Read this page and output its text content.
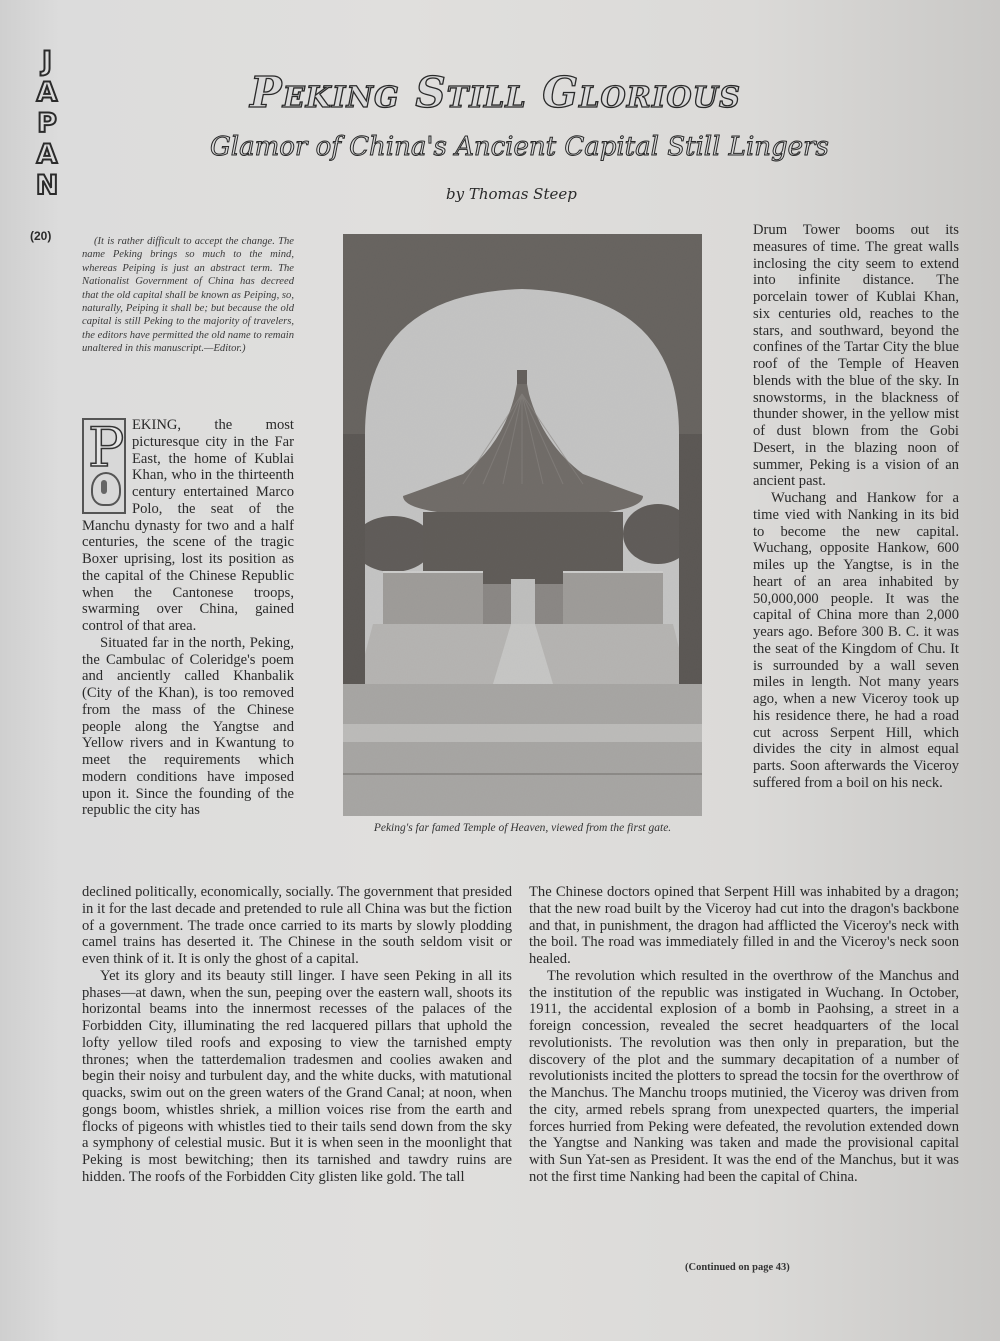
J
A
P
A
N
(20)
Peking Still Glorious
Glamor of China's Ancient Capital Still Lingers
by Thomas Steep
(It is rather difficult to accept the change. The name Peking brings so much to the mind, whereas Peiping is just an abstract term. The Nationalist Government of China has decreed that the old capital shall be known as Peiping, so, naturally, Peiping it shall be; but because the old capital is still Peking to the majority of travelers, the editors have permitted the old name to remain unaltered in this manuscript.—Editor.)

P EKING, the most picturesque city in the Far East, the home of Kublai Khan, who in the thirteenth century entertained Marco Polo, the seat of the Manchu dynasty for two and a half centuries, the scene of the tragic Boxer uprising, lost its position as the capital of the Chinese Republic when the Cantonese troops, swarming over China, gained control of that area.

Situated far in the north, Peking, the Cambulac of Coleridge's poem and anciently called Khanbalik (City of the Khan), is too removed from the mass of the Chinese people along the Yangtse and Yellow rivers and in Kwantung to meet the requirements which modern conditions have imposed upon it. Since the founding of the republic the city has

Peking's far famed Temple of Heaven, viewed from the first gate.

Drum Tower booms out its measures of time. The great walls inclosing the city seem to extend into infinite distance. The porcelain tower of Kublai Khan, six centuries old, reaches to the stars, and southward, beyond the confines of the Tartar City the blue roof of the Temple of Heaven blends with the blue of the sky. In snowstorms, in the blackness of thunder shower, in the yellow mist of dust blown from the Gobi Desert, in the blazing noon of summer, Peking is a vision of an ancient past.

Wuchang and Hankow for a time vied with Nanking in its bid to become the new capital. Wuchang, opposite Hankow, 600 miles up the Yangtse, is in the heart of an area inhabited by 50,000,000 people. It was the capital of China more than 2,000 years ago. Before 300 B. C. it was the seat of the Kingdom of Chu. It is surrounded by a wall seven miles in length. Not many years ago, when a new Viceroy took up his residence there, he had a road cut across Serpent Hill, which divides the city in almost equal parts. Soon afterwards the Viceroy suffered from a boil on his neck.

declined politically, economically, socially. The government that presided in it for the last decade and pretended to rule all China was but the fiction of a government. The trade once carried to its marts by slowly plodding camel trains has deserted it. The Chinese in the south seldom visit or even think of it. It is only the ghost of a capital.

Yet its glory and its beauty still linger. I have seen Peking in all its phases—at dawn, when the sun, peeping over the eastern wall, shoots its horizontal beams into the innermost recesses of the palaces of the Forbidden City, illuminating the red lacquered pillars that uphold the lofty yellow tiled roofs and exposing to view the tarnished empty thrones; when the tatterdemalion tradesmen and coolies awaken and begin their noisy and turbulent day, and the white ducks, with matutional quacks, swim out on the green waters of the Grand Canal; at noon, when gongs boom, whistles shriek, a million voices rise from the earth and flocks of pigeons with whistles tied to their tails send down from the sky a symphony of celestial music. But it is when seen in the moonlight that Peking is most bewitching; then its tarnished and tawdry ruins are hidden. The roofs of the Forbidden City glisten like gold. The tall

The Chinese doctors opined that Serpent Hill was inhabited by a dragon; that the new road built by the Viceroy had cut into the dragon's backbone and that, in punishment, the dragon had afflicted the Viceroy's neck with the boil. The road was immediately filled in and the Viceroy's neck soon healed.

The revolution which resulted in the overthrow of the Manchus and the institution of the republic was instigated in Wuchang. In October, 1911, the accidental explosion of a bomb in Paohsing, a street in a foreign concession, revealed the secret headquarters of the local revolutionists. The revolution was then only in preparation, but the discovery of the plot and the summary decapitation of a number of revolutionists incited the plotters to spread the tocsin for the overthrow of the Manchus. The Manchu troops mutinied, the Viceroy was driven from the city, armed rebels sprang from unexpected quarters, the imperial forces hurried from Peking were defeated, the revolution extended down the Yangtse and Nanking was taken and made the provisional capital with Sun Yat-sen as President. It was the end of the Manchus, but it was not the first time Nanking had been the capital of China.

(Continued on page 43)
